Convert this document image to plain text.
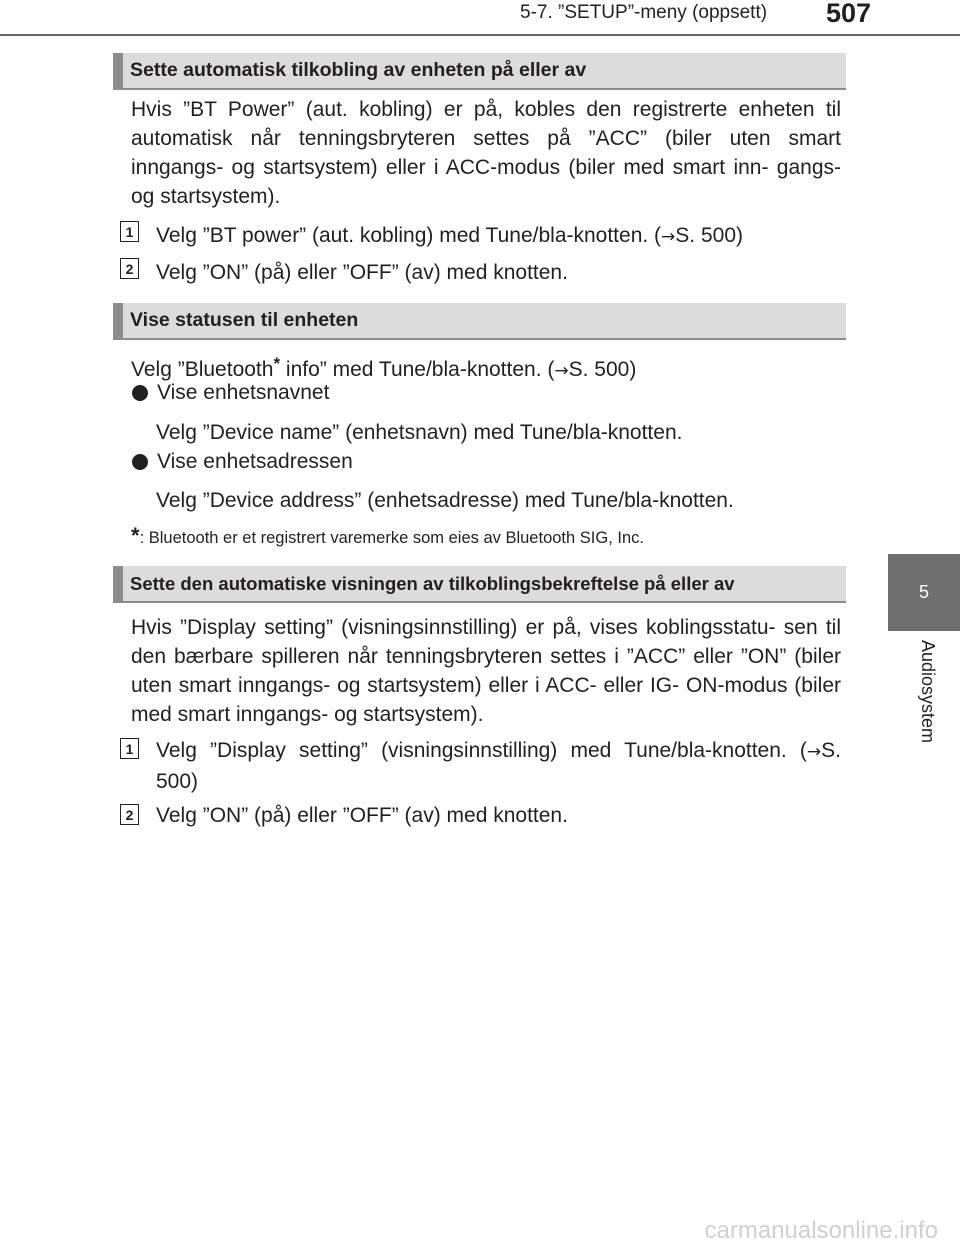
5-7. ”SETUP”-meny (oppsett)	507
5
Audiosystem
Sette automatisk tilkobling av enheten på eller av
Hvis ”BT Power” (aut. kobling) er på, kobles den registrerte enheten til automatisk når tenningsbryteren settes på ”ACC” (biler uten smart inngangs- og startsystem) eller i ACC-modus (biler med smart inn- gangs- og startsystem).
1 Velg ”BT power” (aut. kobling) med Tune/bla-knotten. (→S. 500)
2 Velg ”ON” (på) eller ”OFF” (av) med knotten.
Vise statusen til enheten
Velg ”Bluetooth* info” med Tune/bla-knotten. (→S. 500)
Vise enhetsnavnet
Velg ”Device name” (enhetsnavn) med Tune/bla-knotten.
Vise enhetsadressen
Velg ”Device address” (enhetsadresse) med Tune/bla-knotten.
*: Bluetooth er et registrert varemerke som eies av Bluetooth SIG, Inc.
Sette den automatiske visningen av tilkoblingsbekreftelse på eller av
Hvis ”Display setting” (visningsinnstilling) er på, vises koblingsstatu- sen til den bærbare spilleren når tenningsbryteren settes i ”ACC” eller ”ON” (biler uten smart inngangs- og startsystem) eller i ACC- eller IG- ON-modus (biler med smart inngangs- og startsystem).
1 Velg ”Display setting” (visningsinnstilling) med Tune/bla-knotten. (→S. 500)
2 Velg ”ON” (på) eller ”OFF” (av) med knotten.
carmanualsonline.info
